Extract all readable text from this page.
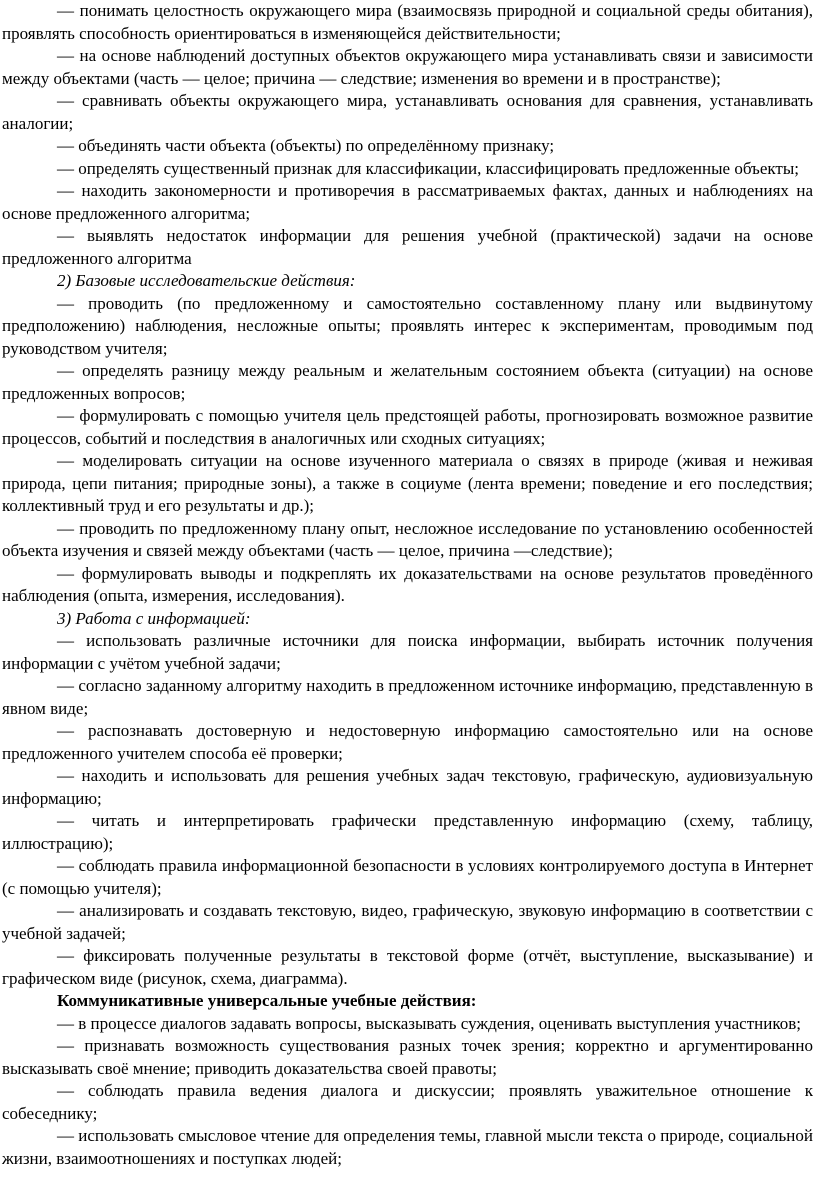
— понимать целостность окружающего мира (взаимосвязь природной и социальной среды обитания), проявлять способность ориентироваться в изменяющейся действительности;

— на основе наблюдений доступных объектов окружающего мира устанавливать связи и зависимости между объектами (часть — целое; причина — следствие; изменения во времени и в пространстве);

— сравнивать объекты окружающего мира, устанавливать основания для сравнения, устанавливать аналогии;

— объединять части объекта (объекты) по определённому признаку;

— определять существенный признак для классификации, классифицировать предложенные объекты;

— находить закономерности и противоречия в рассматриваемых фактах, данных и наблюдениях на основе предложенного алгоритма;

— выявлять недостаток информации для решения учебной (практической) задачи на основе предложенного алгоритма

2) Базовые исследовательские действия:

— проводить (по предложенному и самостоятельно составленному плану или выдвинутому предположению) наблюдения, несложные опыты; проявлять интерес к экспериментам, проводимым под руководством учителя;

— определять разницу между реальным и желательным состоянием объекта (ситуации) на основе предложенных вопросов;

— формулировать с помощью учителя цель предстоящей работы, прогнозировать возможное развитие процессов, событий и последствия в аналогичных или сходных ситуациях;

— моделировать ситуации на основе изученного материала о связях в природе (живая и неживая природа, цепи питания; природные зоны), а также в социуме (лента времени; поведение и его последствия; коллективный труд и его результаты и др.);

— проводить по предложенному плану опыт, несложное исследование по установлению особенностей объекта изучения и связей между объектами (часть — целое, причина —следствие);

— формулировать выводы и подкреплять их доказательствами на основе результатов проведённого наблюдения (опыта, измерения, исследования).

3) Работа с информацией:

— использовать различные источники для поиска информации, выбирать источник получения информации с учётом учебной задачи;

— согласно заданному алгоритму находить в предложенном источнике информацию, представленную в явном виде;

— распознавать достоверную и недостоверную информацию самостоятельно или на основе предложенного учителем способа её проверки;

— находить и использовать для решения учебных задач текстовую, графическую, аудиовизуальную информацию;

— читать и интерпретировать графически представленную информацию (схему, таблицу, иллюстрацию);

— соблюдать правила информационной безопасности в условиях контролируемого доступа в Интернет (с помощью учителя);

— анализировать и создавать текстовую, видео, графическую, звуковую информацию в соответствии с учебной задачей;

— фиксировать полученные результаты в текстовой форме (отчёт, выступление, высказывание) и графическом виде (рисунок, схема, диаграмма).

Коммуникативные универсальные учебные действия:

— в процессе диалогов задавать вопросы, высказывать суждения, оценивать выступления участников;

— признавать возможность существования разных точек зрения; корректно и аргументированно высказывать своё мнение; приводить доказательства своей правоты;

— соблюдать правила ведения диалога и дискуссии; проявлять уважительное отношение к собеседнику;

— использовать смысловое чтение для определения темы, главной мысли текста о природе, социальной жизни, взаимоотношениях и поступках людей;
